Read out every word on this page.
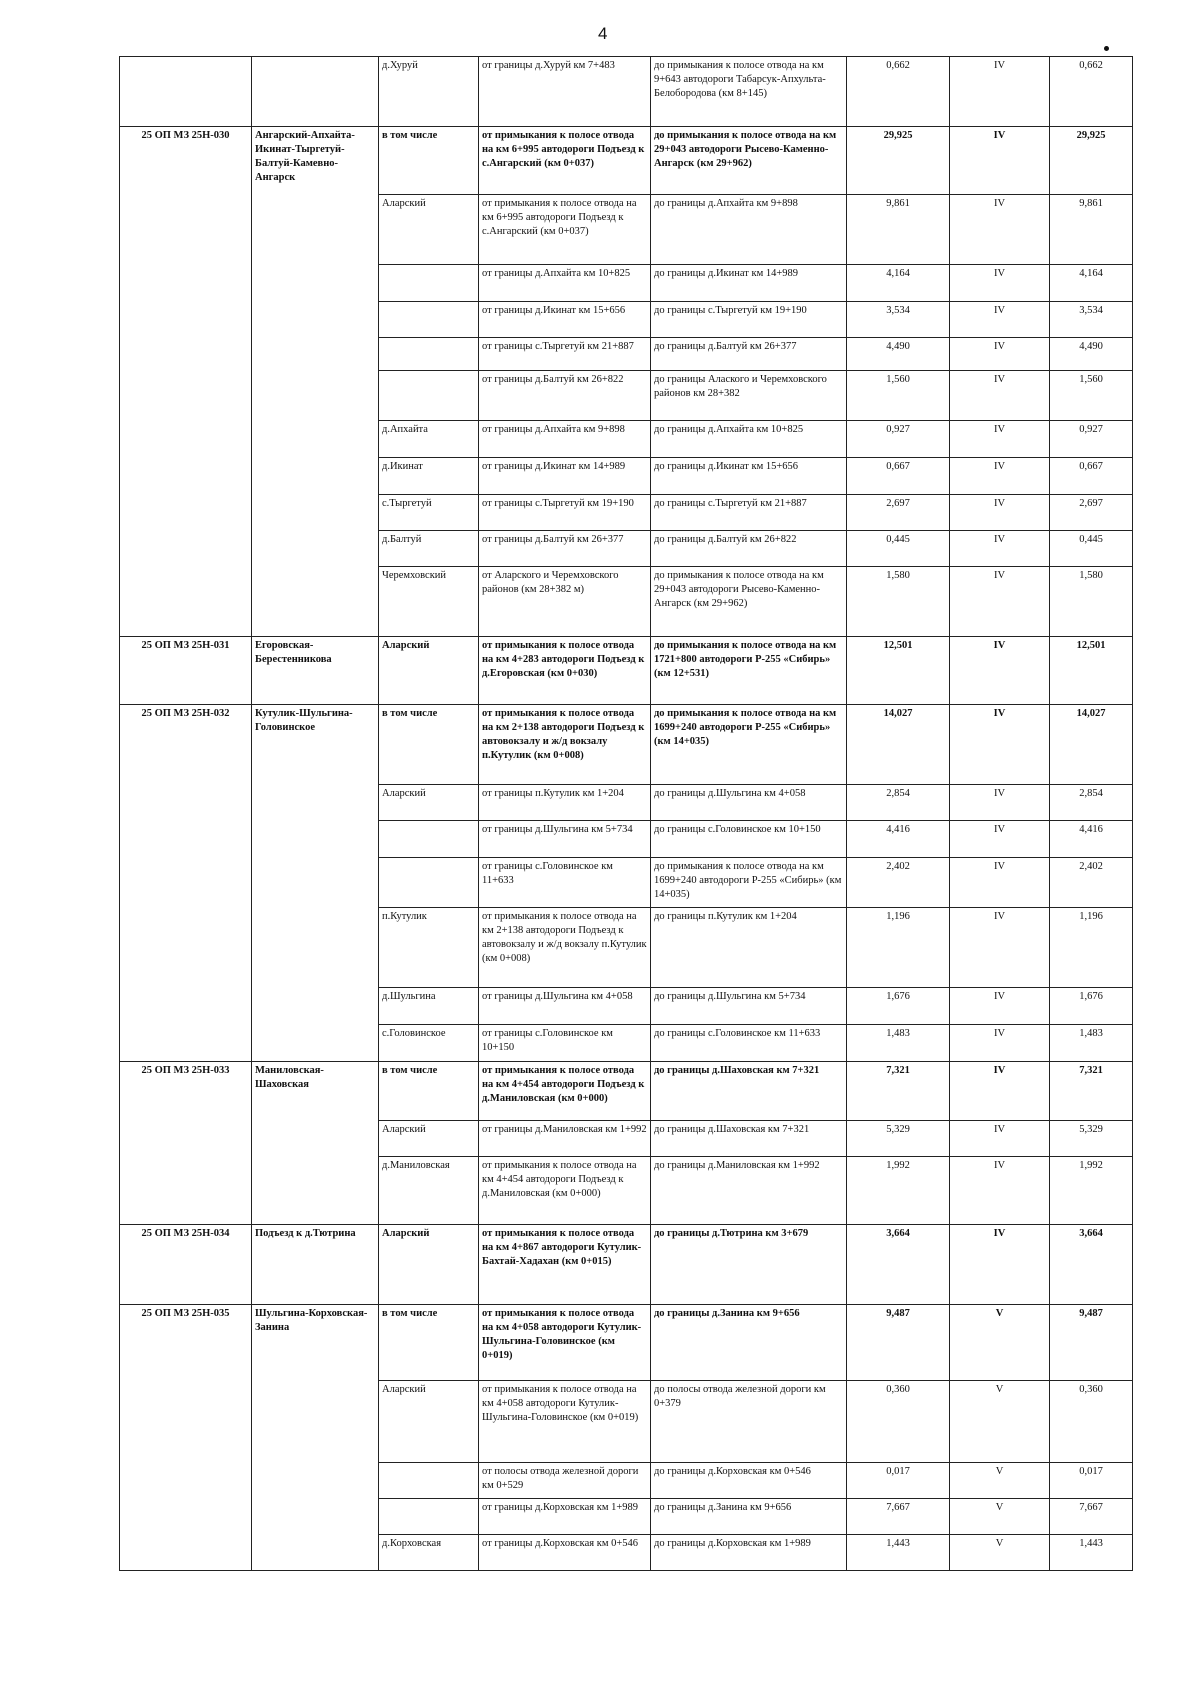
4
		д.Хуруй	от границы д.Хуруй км 7+483	до примыкания к полосе отвода на км 9+643 автодороги Табарсук-Апхульта-Белобородова (км 8+145)	0,662	IV	0,662
25 ОП МЗ 25Н-030	Ангарский-Апхайта-Икинат-Тыргетуй-Балтуй-Камевно-Ангарск	в том числе	от примыкания к полосе отвода на км 6+995 автодороги Подъезд к с.Ангарский (км 0+037)	до примыкания к полосе отвода на км 29+043 автодороги Рысево-Каменно-Ангарск (км 29+962)	29,925	IV	29,925
		Аларский	от примыкания к полосе отвода на км 6+995 автодороги Подъезд к с.Ангарский (км 0+037)	до границы д.Апхайта км 9+898	9,861	IV	9,861
			от границы д.Апхайта км 10+825	до границы д.Икинат км 14+989	4,164	IV	4,164
			от границы д.Икинат км 15+656	до границы с.Тыргетуй км 19+190	3,534	IV	3,534
			от границы с.Тыргетуй км 21+887	до границы д.Балтуй км 26+377	4,490	IV	4,490
			от границы д.Балтуй км 26+822	до границы Алаского и Черемховского районов км 28+382	1,560	IV	1,560
		д.Апхайта	от границы д.Апхайта км 9+898	до границы д.Апхайта км 10+825	0,927	IV	0,927
		д.Икинат	от границы д.Икинат км 14+989	до границы д.Икинат км 15+656	0,667	IV	0,667
		с.Тыргетуй	от границы с.Тыргетуй км 19+190	до границы с.Тыргетуй км 21+887	2,697	IV	2,697
		д.Балтуй	от границы д.Балтуй км 26+377	до границы д.Балтуй км 26+822	0,445	IV	0,445
		Черемховский	от Аларского и Черемховского районов (км 28+382 м)	до примыкания к полосе отвода на км 29+043 автодороги Рысево-Каменно-Ангарск (км 29+962)	1,580	IV	1,580
25 ОП МЗ 25Н-031	Егоровская-Берестенникова	Аларский	от примыкания к полосе отвода на км 4+283 автодороги Подъезд к д.Егоровская (км 0+030)	до примыкания к полосе отвода на км 1721+800 автодороги Р-255 «Сибирь» (км 12+531)	12,501	IV	12,501
25 ОП МЗ 25Н-032	Кутулик-Шульгина-Головинское	в том числе	от примыкания к полосе отвода на км 2+138 автодороги Подъезд к автовокзалу и ж/д вокзалу п.Кутулик (км 0+008)	до примыкания к полосе отвода на км 1699+240 автодороги Р-255 «Сибирь» (км 14+035)	14,027	IV	14,027
		Аларский	от границы п.Кутулик км 1+204	до границы д.Шульгина км 4+058	2,854	IV	2,854
			от границы д.Шульгина км 5+734	до границы с.Головинское км 10+150	4,416	IV	4,416
			от границы с.Головинское км 11+633	до примыкания к полосе отвода на км 1699+240 автодороги Р-255 «Сибирь» (км 14+035)	2,402	IV	2,402
		п.Кутулик	от примыкания к полосе отвода на км 2+138 автодороги Подъезд к автовокзалу и ж/д вокзалу п.Кутулик (км 0+008)	до границы п.Кутулик км 1+204	1,196	IV	1,196
		д.Шульгина	от границы д.Шульгина км 4+058	до границы д.Шульгина км 5+734	1,676	IV	1,676
		с.Головинское	от границы с.Головинское км 10+150	до границы с.Головинское км 11+633	1,483	IV	1,483
25 ОП МЗ 25Н-033	Маниловская-Шаховская	в том числе	от примыкания к полосе отвода на км 4+454 автодороги Подъезд к д.Маниловская (км 0+000)	до границы д.Шаховская км 7+321	7,321	IV	7,321
		Аларский	от границы д.Маниловская км 1+992	до границы д.Шаховская км 7+321	5,329	IV	5,329
		д.Маниловская	от примыкания к полосе отвода на км 4+454 автодороги Подъезд к д.Маниловская (км 0+000)	до границы д.Маниловская км 1+992	1,992	IV	1,992
25 ОП МЗ 25Н-034	Подъезд к д.Тютрина	Аларский	от примыкания к полосе отвода на км 4+867 автодороги Кутулик-Бахтай-Хадахан (км 0+015)	до границы д.Тютрина км 3+679	3,664	IV	3,664
25 ОП МЗ 25Н-035	Шульгина-Корховская-Занина	в том числе	от примыкания к полосе отвода на км 4+058 автодороги Кутулик-Шульгина-Головинское (км 0+019)	до границы д.Занина км 9+656	9,487	V	9,487
		Аларский	от примыкания к полосе отвода на км 4+058 автодороги Кутулик-Шульгина-Головинское (км 0+019)	до полосы отвода железной дороги км 0+379	0,360	V	0,360
			от полосы отвода железной дороги км 0+529	до границы д.Корховская км 0+546	0,017	V	0,017
			от границы д.Корховская км 1+989	до границы д.Занина км 9+656	7,667	V	7,667
		д.Корховская	от границы д.Корховская км 0+546	до границы д.Корховская км 1+989	1,443	V	1,443
